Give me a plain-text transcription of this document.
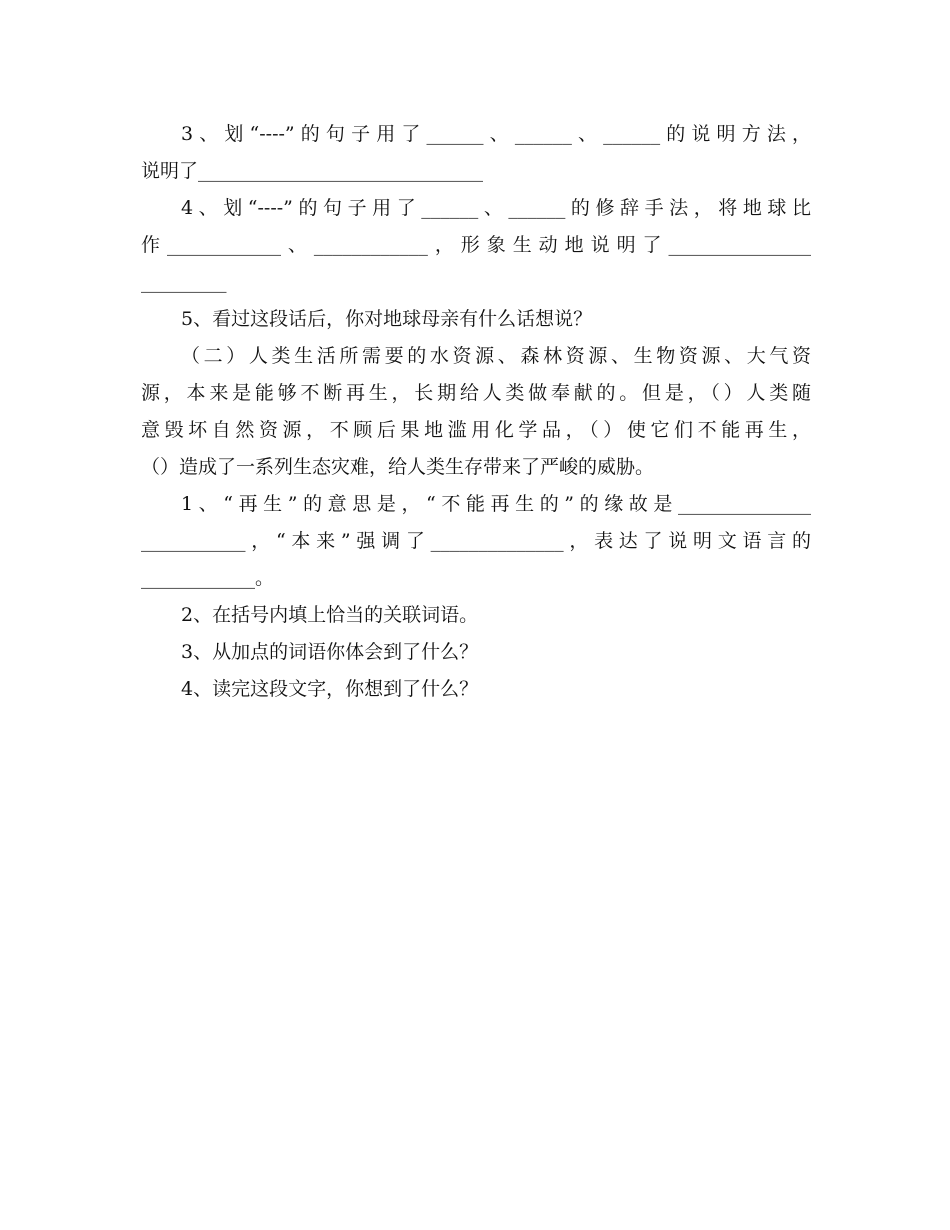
3、划“----”的句子用了______、______、______的说明方法，
说明了______________________________
4、划“----”的句子用了______、______的修辞手法，将地球比
作____________、____________，形象生动地说明了_______________
_________
5、看过这段话后，你对地球母亲有什么话想说？
（二）人类生活所需要的水资源、森林资源、生物资源、大气资
源，本来是能够不断再生，长期给人类做奉献的。但是，（）人类随
意毁坏自然资源，不顾后果地滥用化学品，（）使它们不能再生，
（）造成了一系列生态灾难，给人类生存带来了严峻的威胁。
1、“再生”的意思是，“不能再生的”的缘故是______________
___________，“本来”强调了______________，表达了说明文语言的
____________。
2、在括号内填上恰当的关联词语。
3、从加点的词语你体会到了什么？
4、读完这段文字，你想到了什么？
